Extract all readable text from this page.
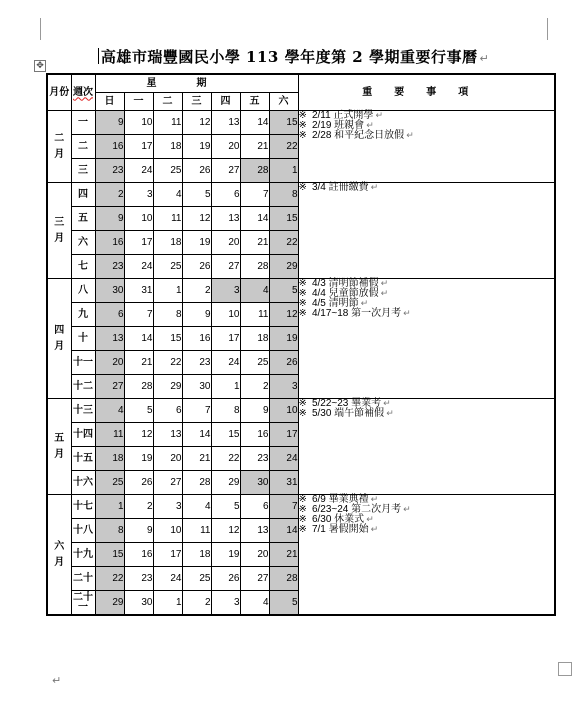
✥	高雄市瑞豐國民小學 113 學年度第 2 學期重要行事曆 ↵
月份	週次	星期							重要事項
		日	一	二	三	四	五	六	
二月	一	9	10	11	12	13	14	15	※ 2/11 正式開學 ↵
※ 2/19 班親會 ↵
※ 2/28 和平紀念日放假 ↵

	二	16	17	18	19	20	21	22	
	三	23	24	25	26	27	28	1	
三月	四	2	3	4	5	6	7	8	※ 3/4 註冊繳費 ↵

	五	9	10	11	12	13	14	15	
	六	16	17	18	19	20	21	22	
	七	23	24	25	26	27	28	29	
四月	八	30	31	1	2	3	4	5	※ 4/3 清明節補假 ↵
※ 4/4 兒童節放假 ↵
※ 4/5 清明節 ↵
※ 4/17~18 第一次月考 ↵

	九	6	7	8	9	10	11	12	
	十	13	14	15	16	17	18	19	
	十一	20	21	22	23	24	25	26	
	十二	27	28	29	30	1	2	3	
五月	十三	4	5	6	7	8	9	10	※ 5/22~23 畢業考 ↵
※ 5/30 端午節補假 ↵

	十四	11	12	13	14	15	16	17	
	十五	18	19	20	21	22	23	24	
	十六	25	26	27	28	29	30	31	
六月	十七	1	2	3	4	5	6	7	※ 6/9 畢業典禮 ↵
※ 6/23~24 第二次月考 ↵
※ 6/30 休業式 ↵
※ 7/1 暑假開始 ↵

	十八	8	9	10	11	12	13	14	
	十九	15	16	17	18	19	20	21	
	二十	22	23	24	25	26	27	28	
	二十一	29	30	1	2	3	4	5	
↵
